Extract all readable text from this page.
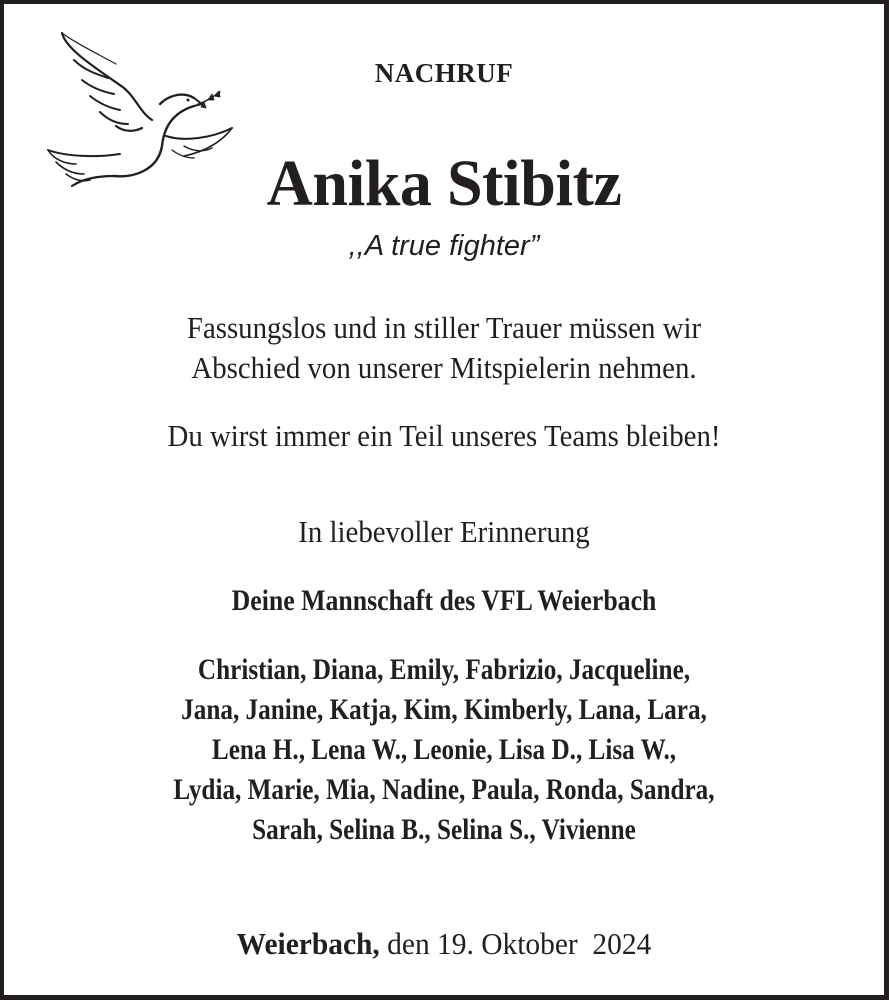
NACHRUF
Anika Stibitz
,,A true fighter”
Fassungslos und in stiller Trauer müssen wir
Abschied von unserer Mitspielerin nehmen.
Du wirst immer ein Teil unseres Teams bleiben!
In liebevoller Erinnerung
Deine Mannschaft des VFL Weierbach
Christian, Diana, Emily, Fabrizio, Jacqueline,
Jana, Janine, Katja, Kim, Kimberly, Lana, Lara,
Lena H., Lena W., Leonie, Lisa D., Lisa W.,
Lydia, Marie, Mia, Nadine, Paula, Ronda, Sandra,
Sarah, Selina B., Selina S., Vivienne
Weierbach, den 19. Oktober  2024
